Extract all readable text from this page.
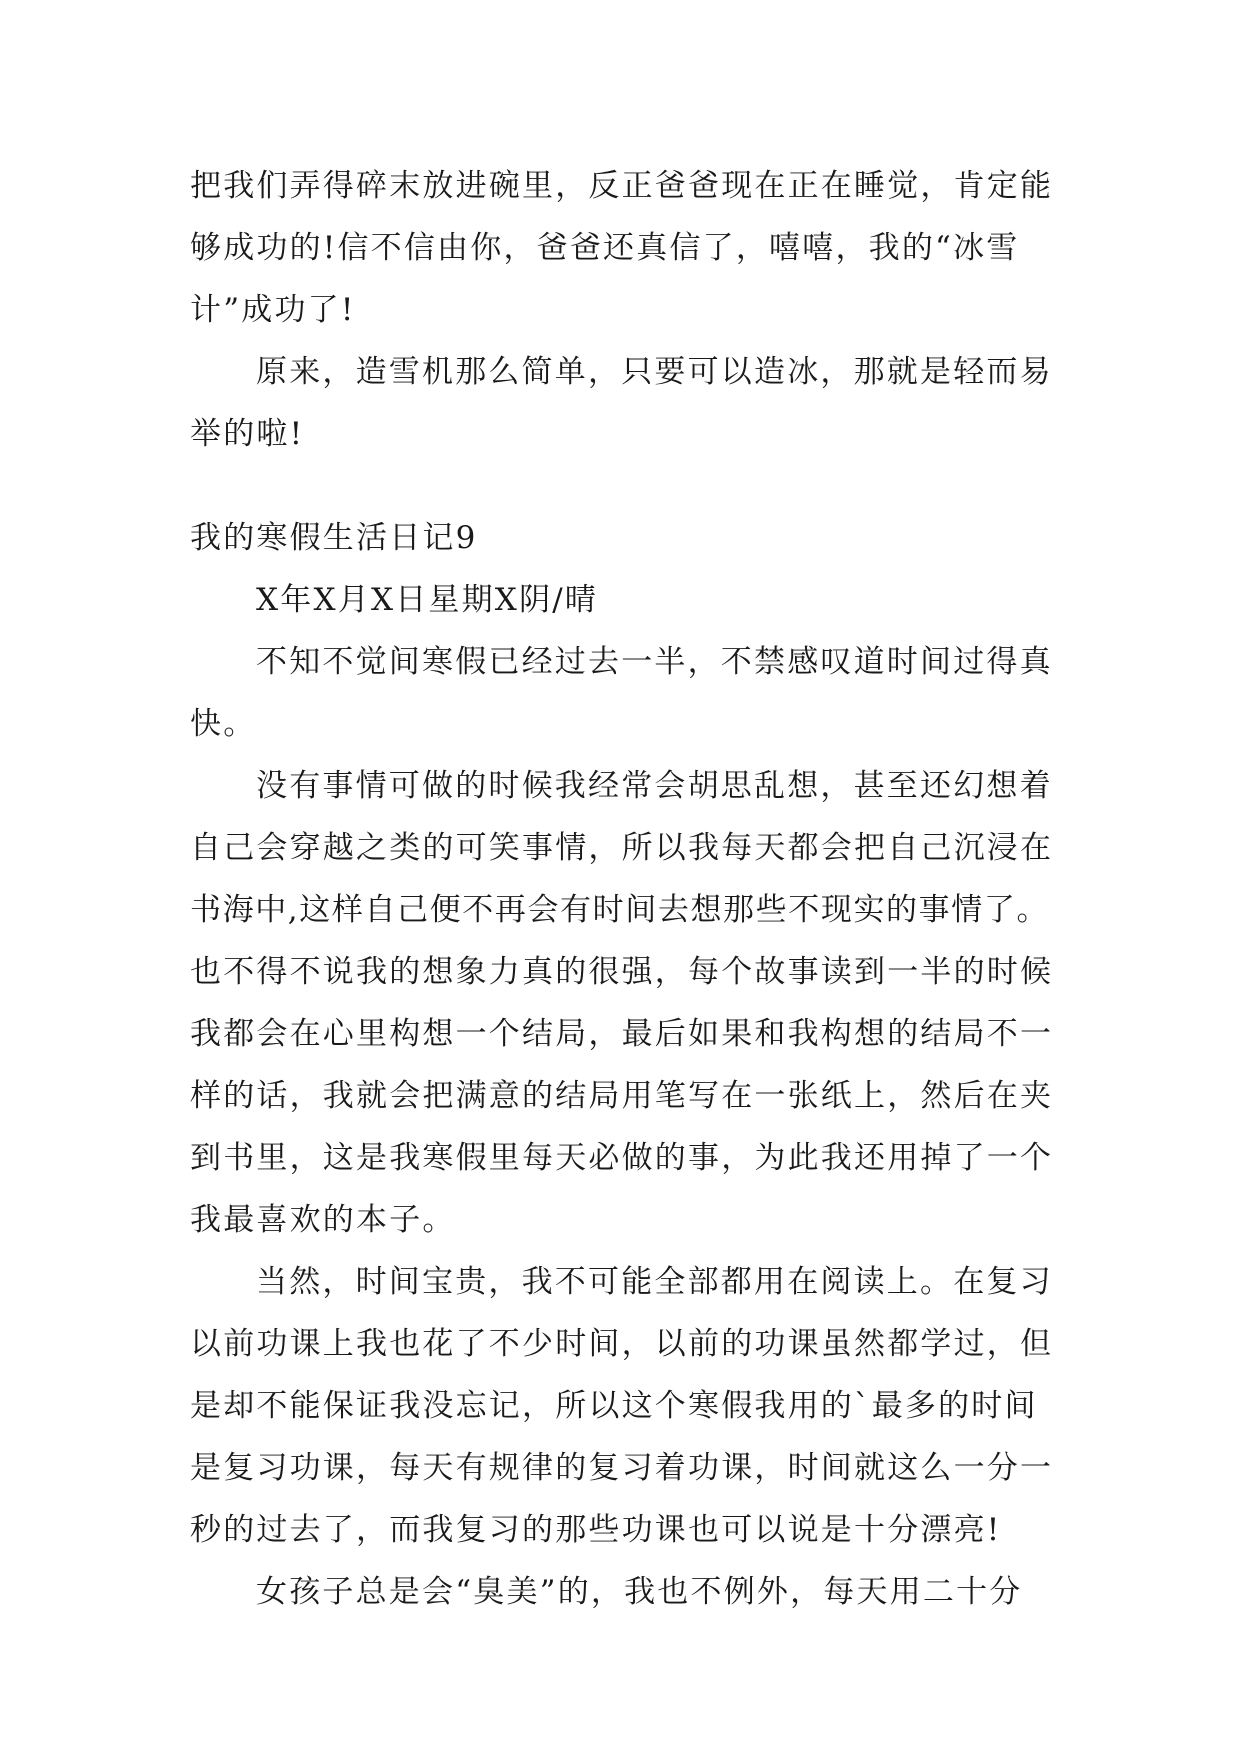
把我们弄得碎末放进碗里，反正爸爸现在正在睡觉，肯定能
够成功的!信不信由你，爸爸还真信了，嘻嘻，我的“冰雪
计”成功了!
原来，造雪机那么简单，只要可以造冰，那就是轻而易
举的啦!
我的寒假生活日记9
X年X月X日星期X阴/晴
不知不觉间寒假已经过去一半，不禁感叹道时间过得真
快。
没有事情可做的时候我经常会胡思乱想，甚至还幻想着
自己会穿越之类的可笑事情，所以我每天都会把自己沉浸在
书海中,这样自己便不再会有时间去想那些不现实的事情了。
也不得不说我的想象力真的很强，每个故事读到一半的时候
我都会在心里构想一个结局，最后如果和我构想的结局不一
样的话，我就会把满意的结局用笔写在一张纸上，然后在夹
到书里，这是我寒假里每天必做的事，为此我还用掉了一个
我最喜欢的本子。
当然，时间宝贵，我不可能全部都用在阅读上。在复习
以前功课上我也花了不少时间，以前的功课虽然都学过，但
是却不能保证我没忘记，所以这个寒假我用的`最多的时间
是复习功课，每天有规律的复习着功课，时间就这么一分一
秒的过去了，而我复习的那些功课也可以说是十分漂亮!
女孩子总是会“臭美”的，我也不例外，每天用二十分
